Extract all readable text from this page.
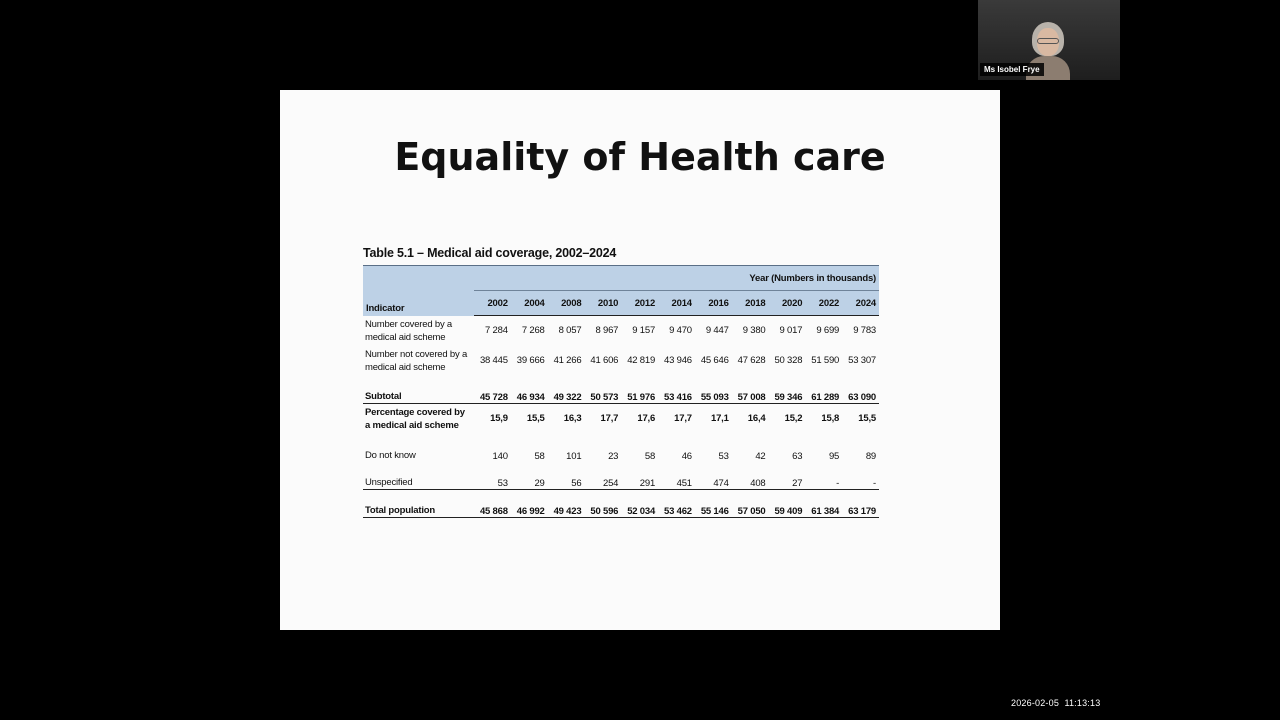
Ms Isobel Frye
Equality of Health care
Table 5.1 – Medical aid coverage, 2002–2024
Indicator	Year (Numbers in thousands)										
	2002	2004	2008	2010	2012	2014	2016	2018	2020	2022	2024
Number covered by a medical aid scheme	7 284	7 268	8 057	8 967	9 157	9 470	9 447	9 380	9 017	9 699	9 783
Number not covered by a medical aid scheme	38 445	39 666	41 266	41 606	42 819	43 946	45 646	47 628	50 328	51 590	53 307
Subtotal	45 728	46 934	49 322	50 573	51 976	53 416	55 093	57 008	59 346	61 289	63 090
Percentage covered by a medical aid scheme	15,9	15,5	16,3	17,7	17,6	17,7	17,1	16,4	15,2	15,8	15,5
Do not know	140	58	101	23	58	46	53	42	63	95	89
Unspecified	53	29	56	254	291	451	474	408	27	-	-
Total population	45 868	46 992	49 423	50 596	52 034	53 462	55 146	57 050	59 409	61 384	63 179
2026-02-05  11:13:13
